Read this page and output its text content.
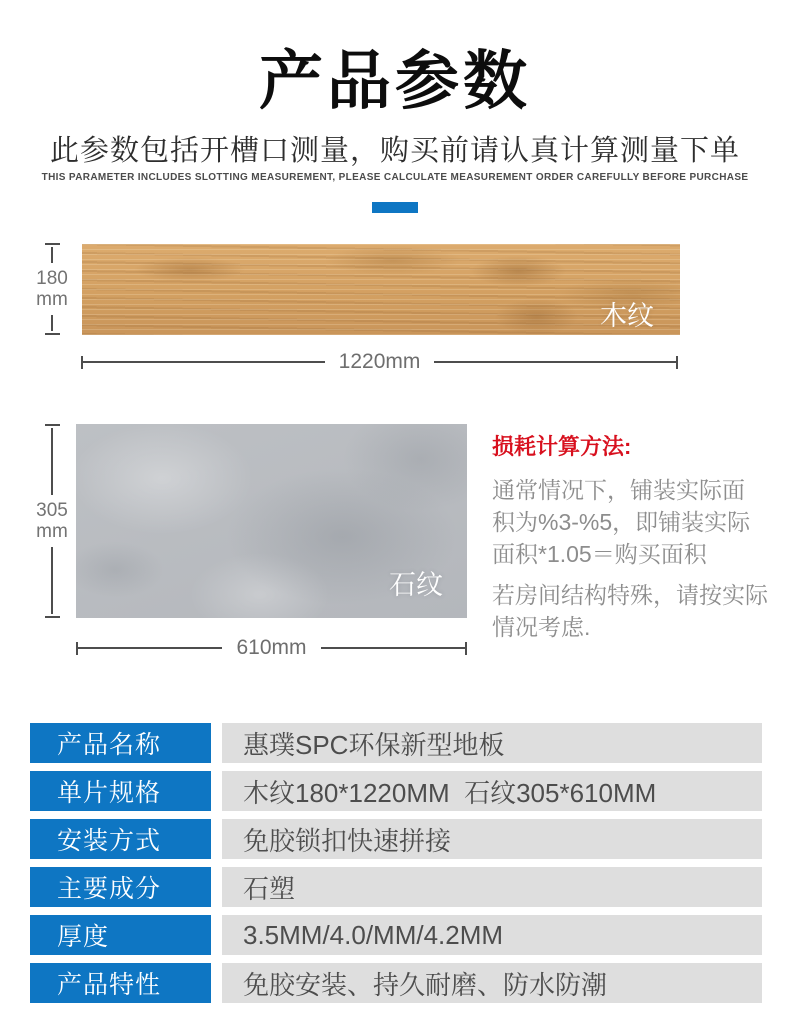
产品参数
此参数包括开槽口测量，购买前请认真计算测量下单
THIS PARAMETER INCLUDES SLOTTING MEASUREMENT, PLEASE CALCULATE MEASUREMENT ORDER CAREFULLY BEFORE PURCHASE
180
mm
木纹
1220mm
305
mm
石纹
610mm
损耗计算方法:
通常情况下，铺装实际面
积为%3-%5，即铺装实际
面积*1.05＝购买面积
若房间结构特殊，请按实际
情况考虑.
产品名称	惠璞SPC环保新型地板
单片规格	木纹180*1220MM  石纹305*610MM
安装方式	免胶锁扣快速拼接
主要成分	石塑
厚度	3.5MM/4.0/MM/4.2MM
产品特性	免胶安装、持久耐磨、防水防潮
